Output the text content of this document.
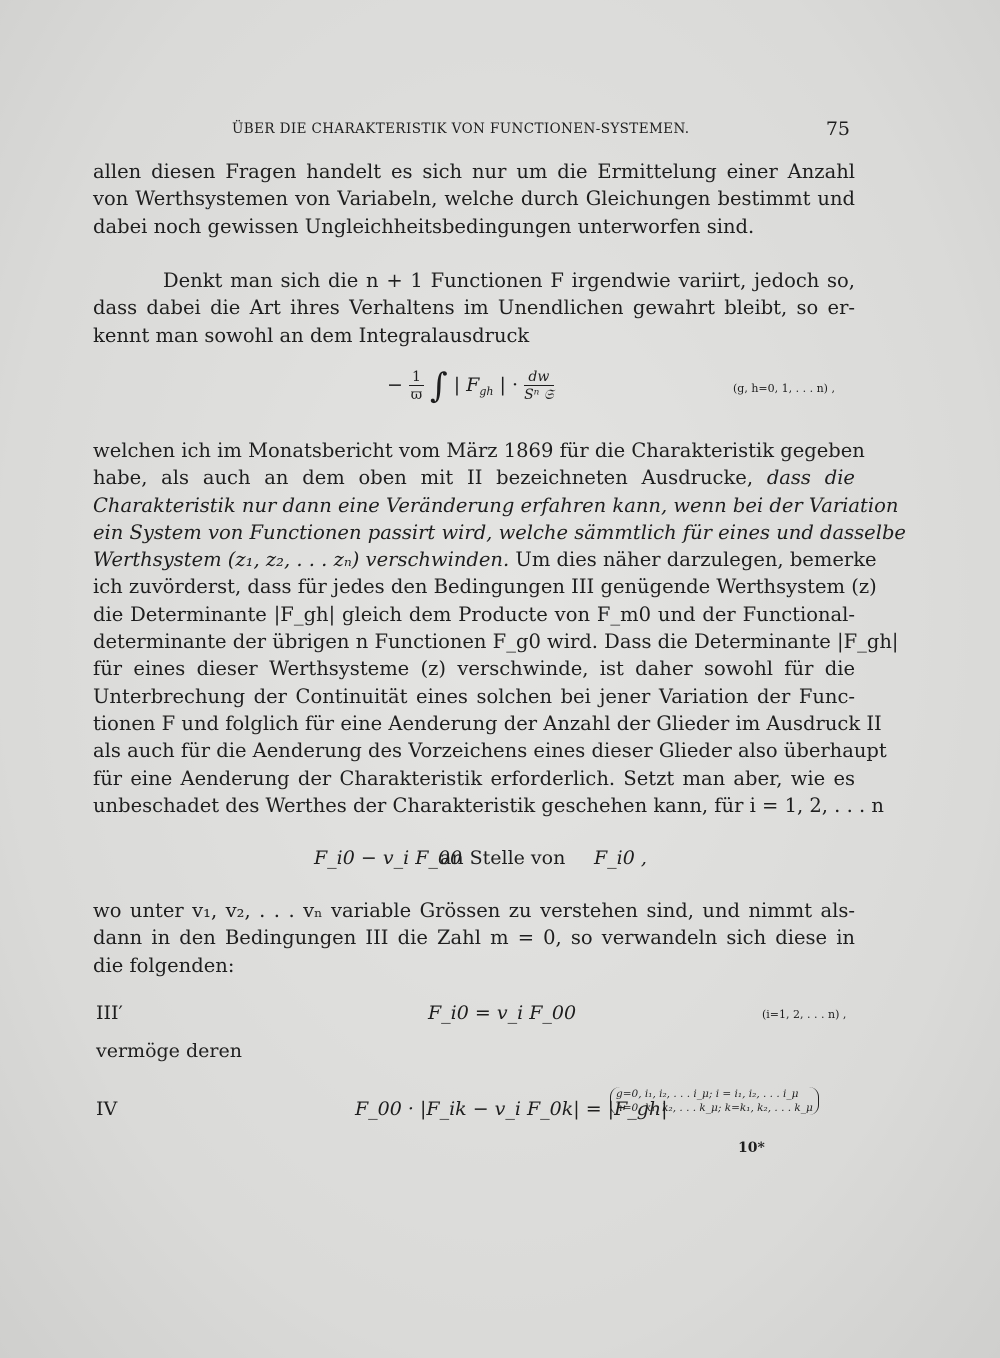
ÜBER DIE CHARAKTERISTIK VON FUNCTIONEN-SYSTEMEN.	75
allen diesen Fragen handelt es sich nur um die Ermittelung einer Anzahl
von Werthsystemen von Variabeln, welche durch Gleichungen bestimmt und
dabei noch gewissen Ungleichheitsbedingungen unterworfen sind.
Denkt man sich die n + 1 Functionen F irgendwie variirt, jedoch so,
dass dabei die Art ihres Verhaltens im Unendlichen gewahrt bleibt, so er-
kennt man sowohl an dem Integralausdruck
− $\frac{1}{ϖ}$ ∫ | $F_{gh}$ | · $\frac{dw}{\text{Sⁿ 𝔖}}$	(g, h=0, 1, . . . n) ,
welchen ich im Monatsbericht vom März 1869 für die Charakteristik gegeben
habe, als auch an dem oben mit II bezeichneten Ausdrucke, dass die
Charakteristik nur dann eine Veränderung erfahren kann, wenn bei der Variation
ein System von Functionen passirt wird, welche sämmtlich für eines und dasselbe
Werthsystem (z₁, z₂, . . . zₙ) verschwinden. Um dies näher darzulegen, bemerke
ich zuvörderst, dass für jedes den Bedingungen III genügende Werthsystem (z)
die Determinante |F_gh| gleich dem Producte von F_m0 und der Functional-
determinante der übrigen n Functionen F_g0 wird. Dass die Determinante |F_gh|
für eines dieser Werthsysteme (z) verschwinde, ist daher sowohl für die
Unterbrechung der Continuität eines solchen bei jener Variation der Func-
tionen F und folglich für eine Aenderung der Anzahl der Glieder im Ausdruck II
als auch für die Aenderung des Vorzeichens eines dieser Glieder also überhaupt
für eine Aenderung der Charakteristik erforderlich. Setzt man aber, wie es
unbeschadet des Werthes der Charakteristik geschehen kann, für i = 1, 2, . . . n
F_i0 − v_i F_00
an Stelle von F_i0 ,
wo unter v₁, v₂, . . . vₙ variable Grössen zu verstehen sind, und nimmt als-
dann in den Bedingungen III die Zahl m = 0, so verwandeln sich diese in
die folgenden:
III′	F_i0 = v_i F_00	(i=1, 2, . . . n) ,
vermöge deren
IV	F_00 · |F_ik − v_i F_0k| = |F_gh|
g=0, i₁, i₂, . . . i_μ; i = i₁, i₂, . . . i_μ
h=0, k₁, k₂, . . . k_μ; k=k₁, k₂, . . . k_μ
10*
